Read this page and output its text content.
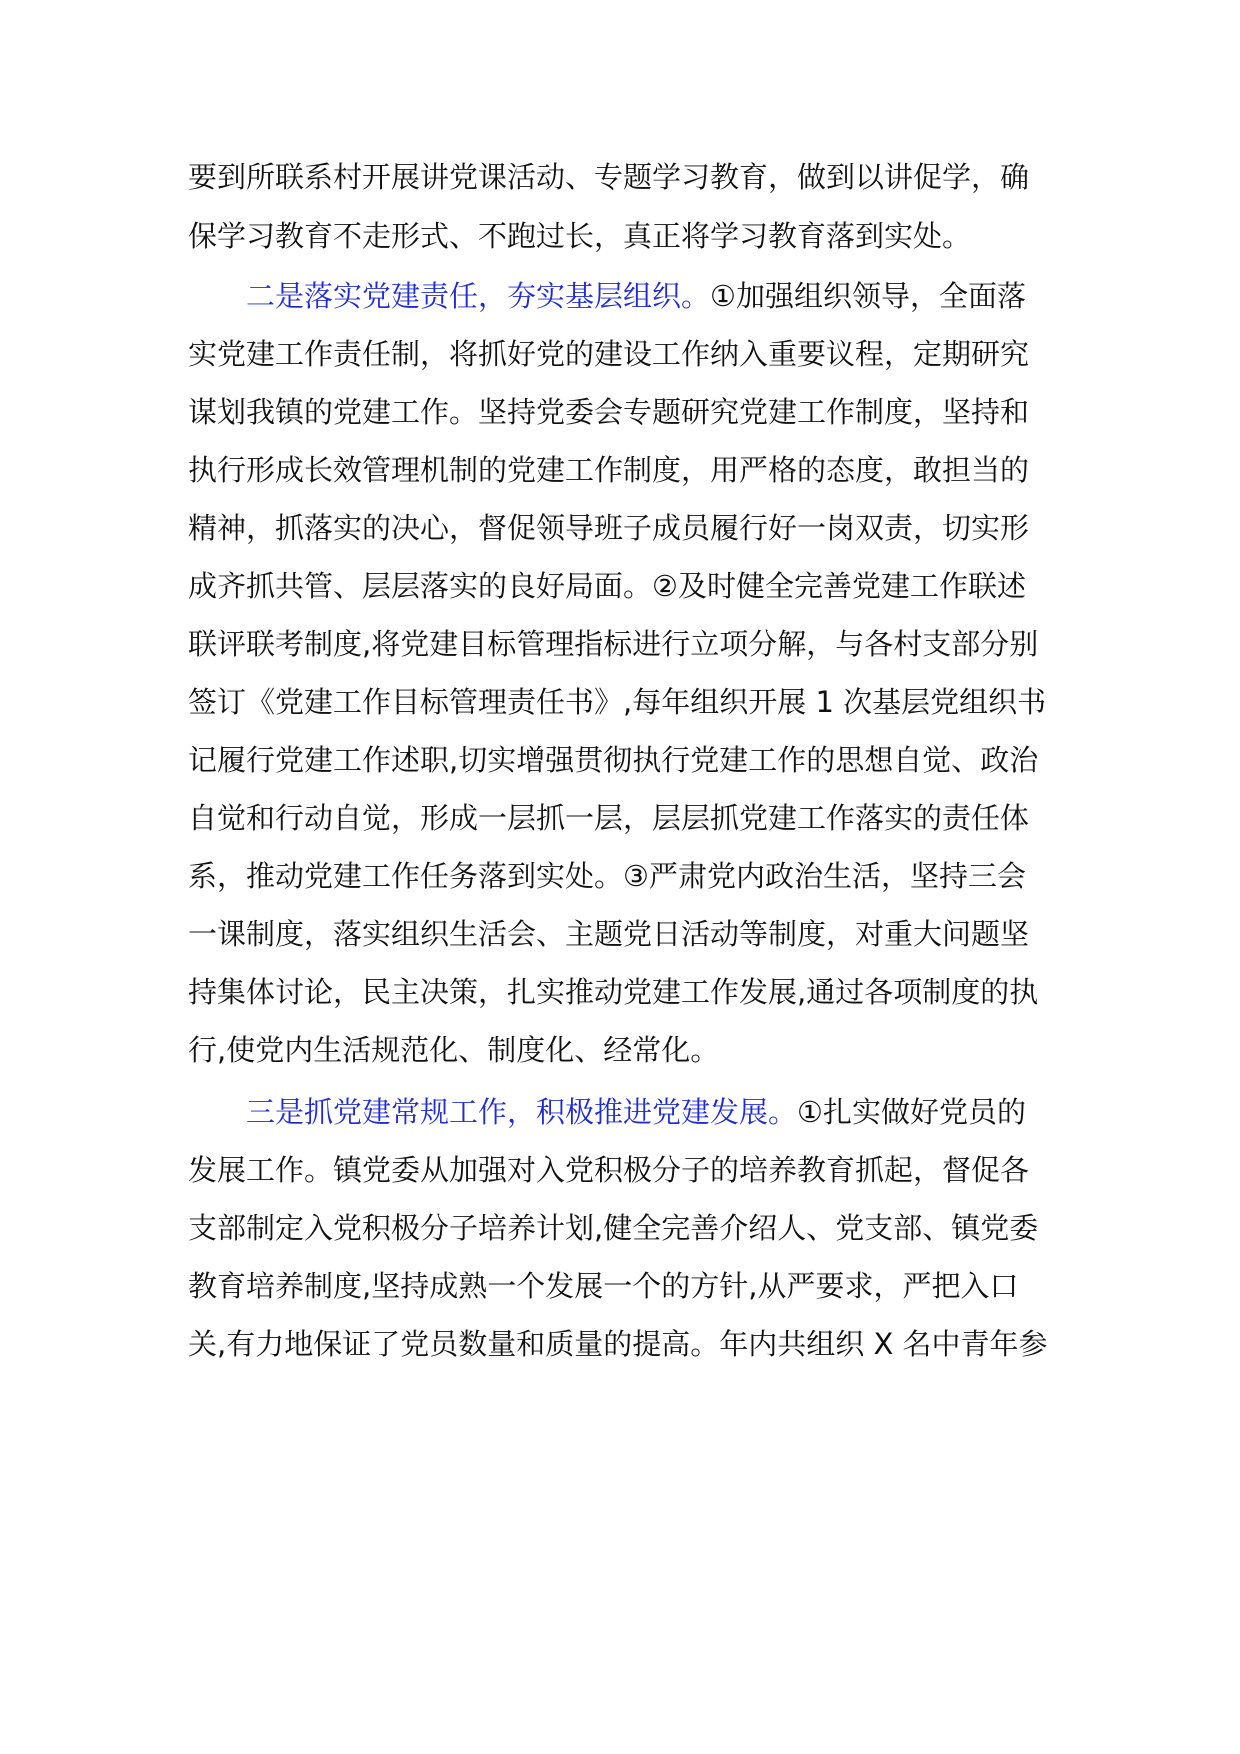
要到所联系村开展讲党课活动、专题学习教育，做到以讲促学，确
保学习教育不走形式、不跑过长，真正将学习教育落到实处。
二是落实党建责任，夯实基层组织。①加强组织领导，全面落
实党建工作责任制，将抓好党的建设工作纳入重要议程，定期研究
谋划我镇的党建工作。坚持党委会专题研究党建工作制度，坚持和
执行形成长效管理机制的党建工作制度，用严格的态度，敢担当的
精神，抓落实的决心，督促领导班子成员履行好一岗双责，切实形
成齐抓共管、层层落实的良好局面。②及时健全完善党建工作联述
联评联考制度,将党建目标管理指标进行立项分解，与各村支部分别
签订《党建工作目标管理责任书》,每年组织开展 1 次基层党组织书
记履行党建工作述职,切实增强贯彻执行党建工作的思想自觉、政治
自觉和行动自觉，形成一层抓一层，层层抓党建工作落实的责任体
系，推动党建工作任务落到实处。③严肃党内政治生活，坚持三会
一课制度，落实组织生活会、主题党日活动等制度，对重大问题坚
持集体讨论，民主决策，扎实推动党建工作发展,通过各项制度的执
行,使党内生活规范化、制度化、经常化。
三是抓党建常规工作，积极推进党建发展。①扎实做好党员的
发展工作。镇党委从加强对入党积极分子的培养教育抓起，督促各
支部制定入党积极分子培养计划,健全完善介绍人、党支部、镇党委
教育培养制度,坚持成熟一个发展一个的方针,从严要求，严把入口
关,有力地保证了党员数量和质量的提高。年内共组织 X 名中青年参
